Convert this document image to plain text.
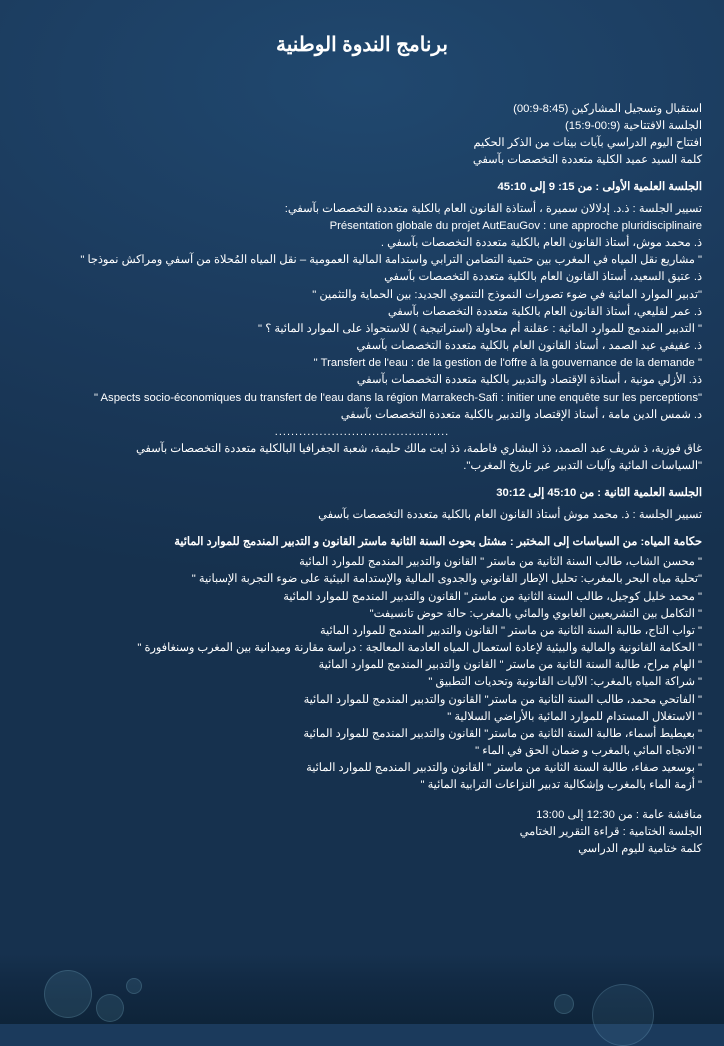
برنامج الندوة الوطنية

استقبال وتسجيل المشاركين (8:45-00:9)

الجلسة الافتتاحية (00:9-15:9)

افتتاح اليوم الدراسي بآيات بينات من الذكر الحكيم

كلمة السيد عميد الكلية متعددة التخصصات بآسفي

الجلسة العلمية الأولى : من 15: 9 إلى 45:10

تسيير الجلسة : ذ.د. إدلالان سميرة ، أستاذة القانون العام بالكلية متعددة التخصصات بآسفي:

Présentation globale du projet AutEauGov : une approche pluridisciplinaire

ذ. محمد موش، أستاذ القانون العام بالكلية متعددة التخصصات بآسفي .

" مشاريع نقل المياه في المغرب بين حتمية التضامن الترابي واستدامة المالية العمومية – نقل المياه المُحلاة من آسفي ومراكش نموذجا "

ذ. عتيق السعيد، أستاذ القانون العام بالكلية متعددة التخصصات بآسفي

"تدبير الموارد المائية في ضوء تصورات النموذج التنموي الجديد: بين الحماية والتثمين "

ذ. عمر لقليعي، أستاذ القانون العام بالكلية متعددة التخصصات بآسفي

" التدبير المندمج للموارد المائية : عقلنة أم محاولة (استراتيجية ) للاستحواذ على الموارد المائية ؟ "

ذ. عفيفي عبد الصمد ، أستاذ القانون العام بالكلية متعددة التخصصات بآسفي

" Transfert de l'eau : de la gestion de l'offre à la gouvernance de la demande "

ذذ. الأزلي مونية ، أستاذة الإقتصاد والتدبير بالكلية متعددة التخصصات بآسفي

" Aspects socio-économiques du transfert de l'eau dans la région Marrakech-Safi : initier une enquête sur les perceptions"

د. شمس الدين مامة ، أستاذ الإقتصاد والتدبير بالكلية متعددة التخصصات بآسفي

...........................................

غاق فوزية، ذ شريف عبد الصمد، ذذ البشاري فاطمة، ذذ ايت مالك حليمة، شعبة الجغرافيا البالكلية متعددة التخصصات بآسفي

"السياسات المائية وآليات التدبير عبر تاريخ المغرب".

الجلسة العلمية الثانية : من 45:10 إلى 30:12

تسيير الجلسة : ذ. محمد موش أستاذ القانون العام بالكلية متعددة التخصصات بآسفي

حكامة المياه: من السياسات إلى المختبر : مشتل بحوث السنة الثانية ماستر القانون و التدبير المندمج للموارد المائية

" محسن الشاب، طالب السنة الثانية من ماستر " القانون والتدبير المندمج للموارد المائية

"تحلية مياه البحر بالمغرب: تحليل الإطار القانوني والجدوى المالية والإستدامة البيئية على ضوء التجربة الإسبانية "

" محمد خليل كوجيل، طالب السنة الثانية من ماستر" القانون والتدبير المندمج للموارد المائية

" التكامل بين التشريعيين الغابوي والمائي بالمغرب: حالة حوض تانسيفت"

" تواب التاج، طالبة السنة الثانية من ماستر " القانون والتدبير المندمج للموارد المائية

" الحكامة القانونية والمالية والبيئية لإعادة استعمال المياه العادمة المعالجة : دراسة مقارنة وميدانية بين المغرب وسنغافورة "

" الهام مراح، طالبة السنة الثانية من ماستر " القانون والتدبير المندمج للموارد المائية

" شراكة المياه بالمغرب: الآليات القانونية وتحديات التطبيق "

" الفاتحي محمد، طالب السنة الثانية من ماستر" القانون والتدبير المندمج للموارد المائية

" الاستغلال المستدام للموارد المائية بالأراضي السلالية "

" بعيطيط أسماء، طالبة السنة الثانية من ماستر" القانون والتدبير المندمج للموارد المائية

" الاتجاه المائي بالمغرب و ضمان الحق في الماء "

" بوسعيد صفاء، طالبة السنة الثانية من ماستر " القانون والتدبير المندمج للموارد المائية

" أزمة الماء بالمغرب وإشكالية تدبير النزاعات الترابية المائية "

مناقشة عامة : من 12:30 إلى 13:00

الجلسة الختامية : قراءة التقرير الختامي

كلمة ختامية لليوم الدراسي
